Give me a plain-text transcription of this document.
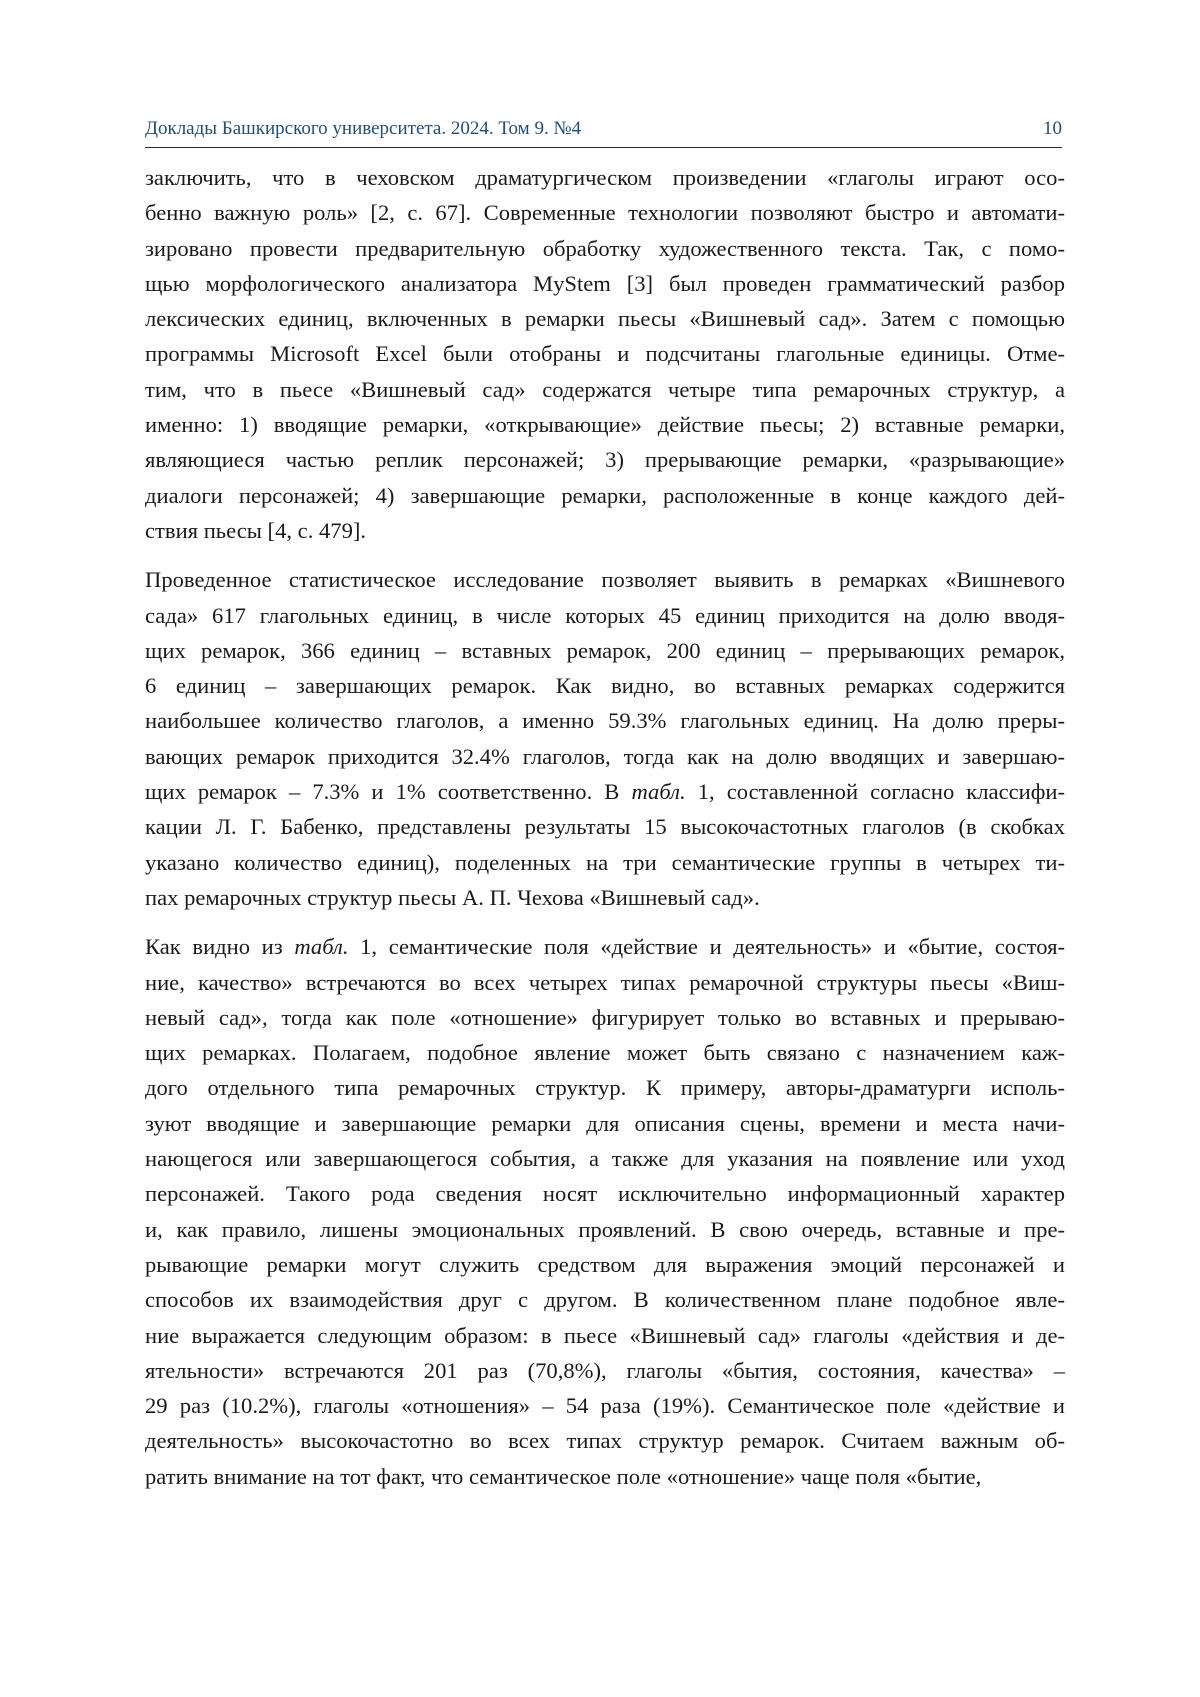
Доклады Башкирского университета. 2024. Том 9. №4	10
заключить, что в чеховском драматургическом произведении «глаголы играют осо-
бенно важную роль» [2, с. 67]. Современные технологии позволяют быстро и автомати-
зировано провести предварительную обработку художественного текста. Так, с помо-
щью морфологического анализатора MyStem [3] был проведен грамматический разбор
лексических единиц, включенных в ремарки пьесы «Вишневый сад». Затем с помощью
программы Microsoft Excel были отобраны и подсчитаны глагольные единицы. Отме-
тим, что в пьесе «Вишневый сад» содержатся четыре типа ремарочных структур, а
именно: 1) вводящие ремарки, «открывающие» действие пьесы; 2) вставные ремарки,
являющиеся частью реплик персонажей; 3) прерывающие ремарки, «разрывающие»
диалоги персонажей; 4) завершающие ремарки, расположенные в конце каждого дей-
ствия пьесы [4, с. 479].
Проведенное статистическое исследование позволяет выявить в ремарках «Вишневого
сада» 617 глагольных единиц, в числе которых 45 единиц приходится на долю вводя-
щих ремарок, 366 единиц – вставных ремарок, 200 единиц – прерывающих ремарок,
6 единиц – завершающих ремарок. Как видно, во вставных ремарках содержится
наибольшее количество глаголов, а именно 59.3% глагольных единиц. На долю преры-
вающих ремарок приходится 32.4% глаголов, тогда как на долю вводящих и завершаю-
щих ремарок – 7.3% и 1% соответственно. В табл. 1, составленной согласно классифи-
кации Л. Г. Бабенко, представлены результаты 15 высокочастотных глаголов (в скобках
указано количество единиц), поделенных на три семантические группы в четырех ти-
пах ремарочных структур пьесы А. П. Чехова «Вишневый сад».
Как видно из табл. 1, семантические поля «действие и деятельность» и «бытие, состоя-
ние, качество» встречаются во всех четырех типах ремарочной структуры пьесы «Виш-
невый сад», тогда как поле «отношение» фигурирует только во вставных и прерываю-
щих ремарках. Полагаем, подобное явление может быть связано с назначением каж-
дого отдельного типа ремарочных структур. К примеру, авторы-драматурги исполь-
зуют вводящие и завершающие ремарки для описания сцены, времени и места начи-
нающегося или завершающегося события, а также для указания на появление или уход
персонажей. Такого рода сведения носят исключительно информационный характер
и, как правило, лишены эмоциональных проявлений. В свою очередь, вставные и пре-
рывающие ремарки могут служить средством для выражения эмоций персонажей и
способов их взаимодействия друг с другом. В количественном плане подобное явле-
ние выражается следующим образом: в пьесе «Вишневый сад» глаголы «действия и де-
ятельности» встречаются 201 раз (70,8%), глаголы «бытия, состояния, качества» –
29 раз (10.2%), глаголы «отношения» – 54 раза (19%). Семантическое поле «действие и
деятельность» высокочастотно во всех типах структур ремарок. Считаем важным об-
ратить внимание на тот факт, что семантическое поле «отношение» чаще поля «бытие,
